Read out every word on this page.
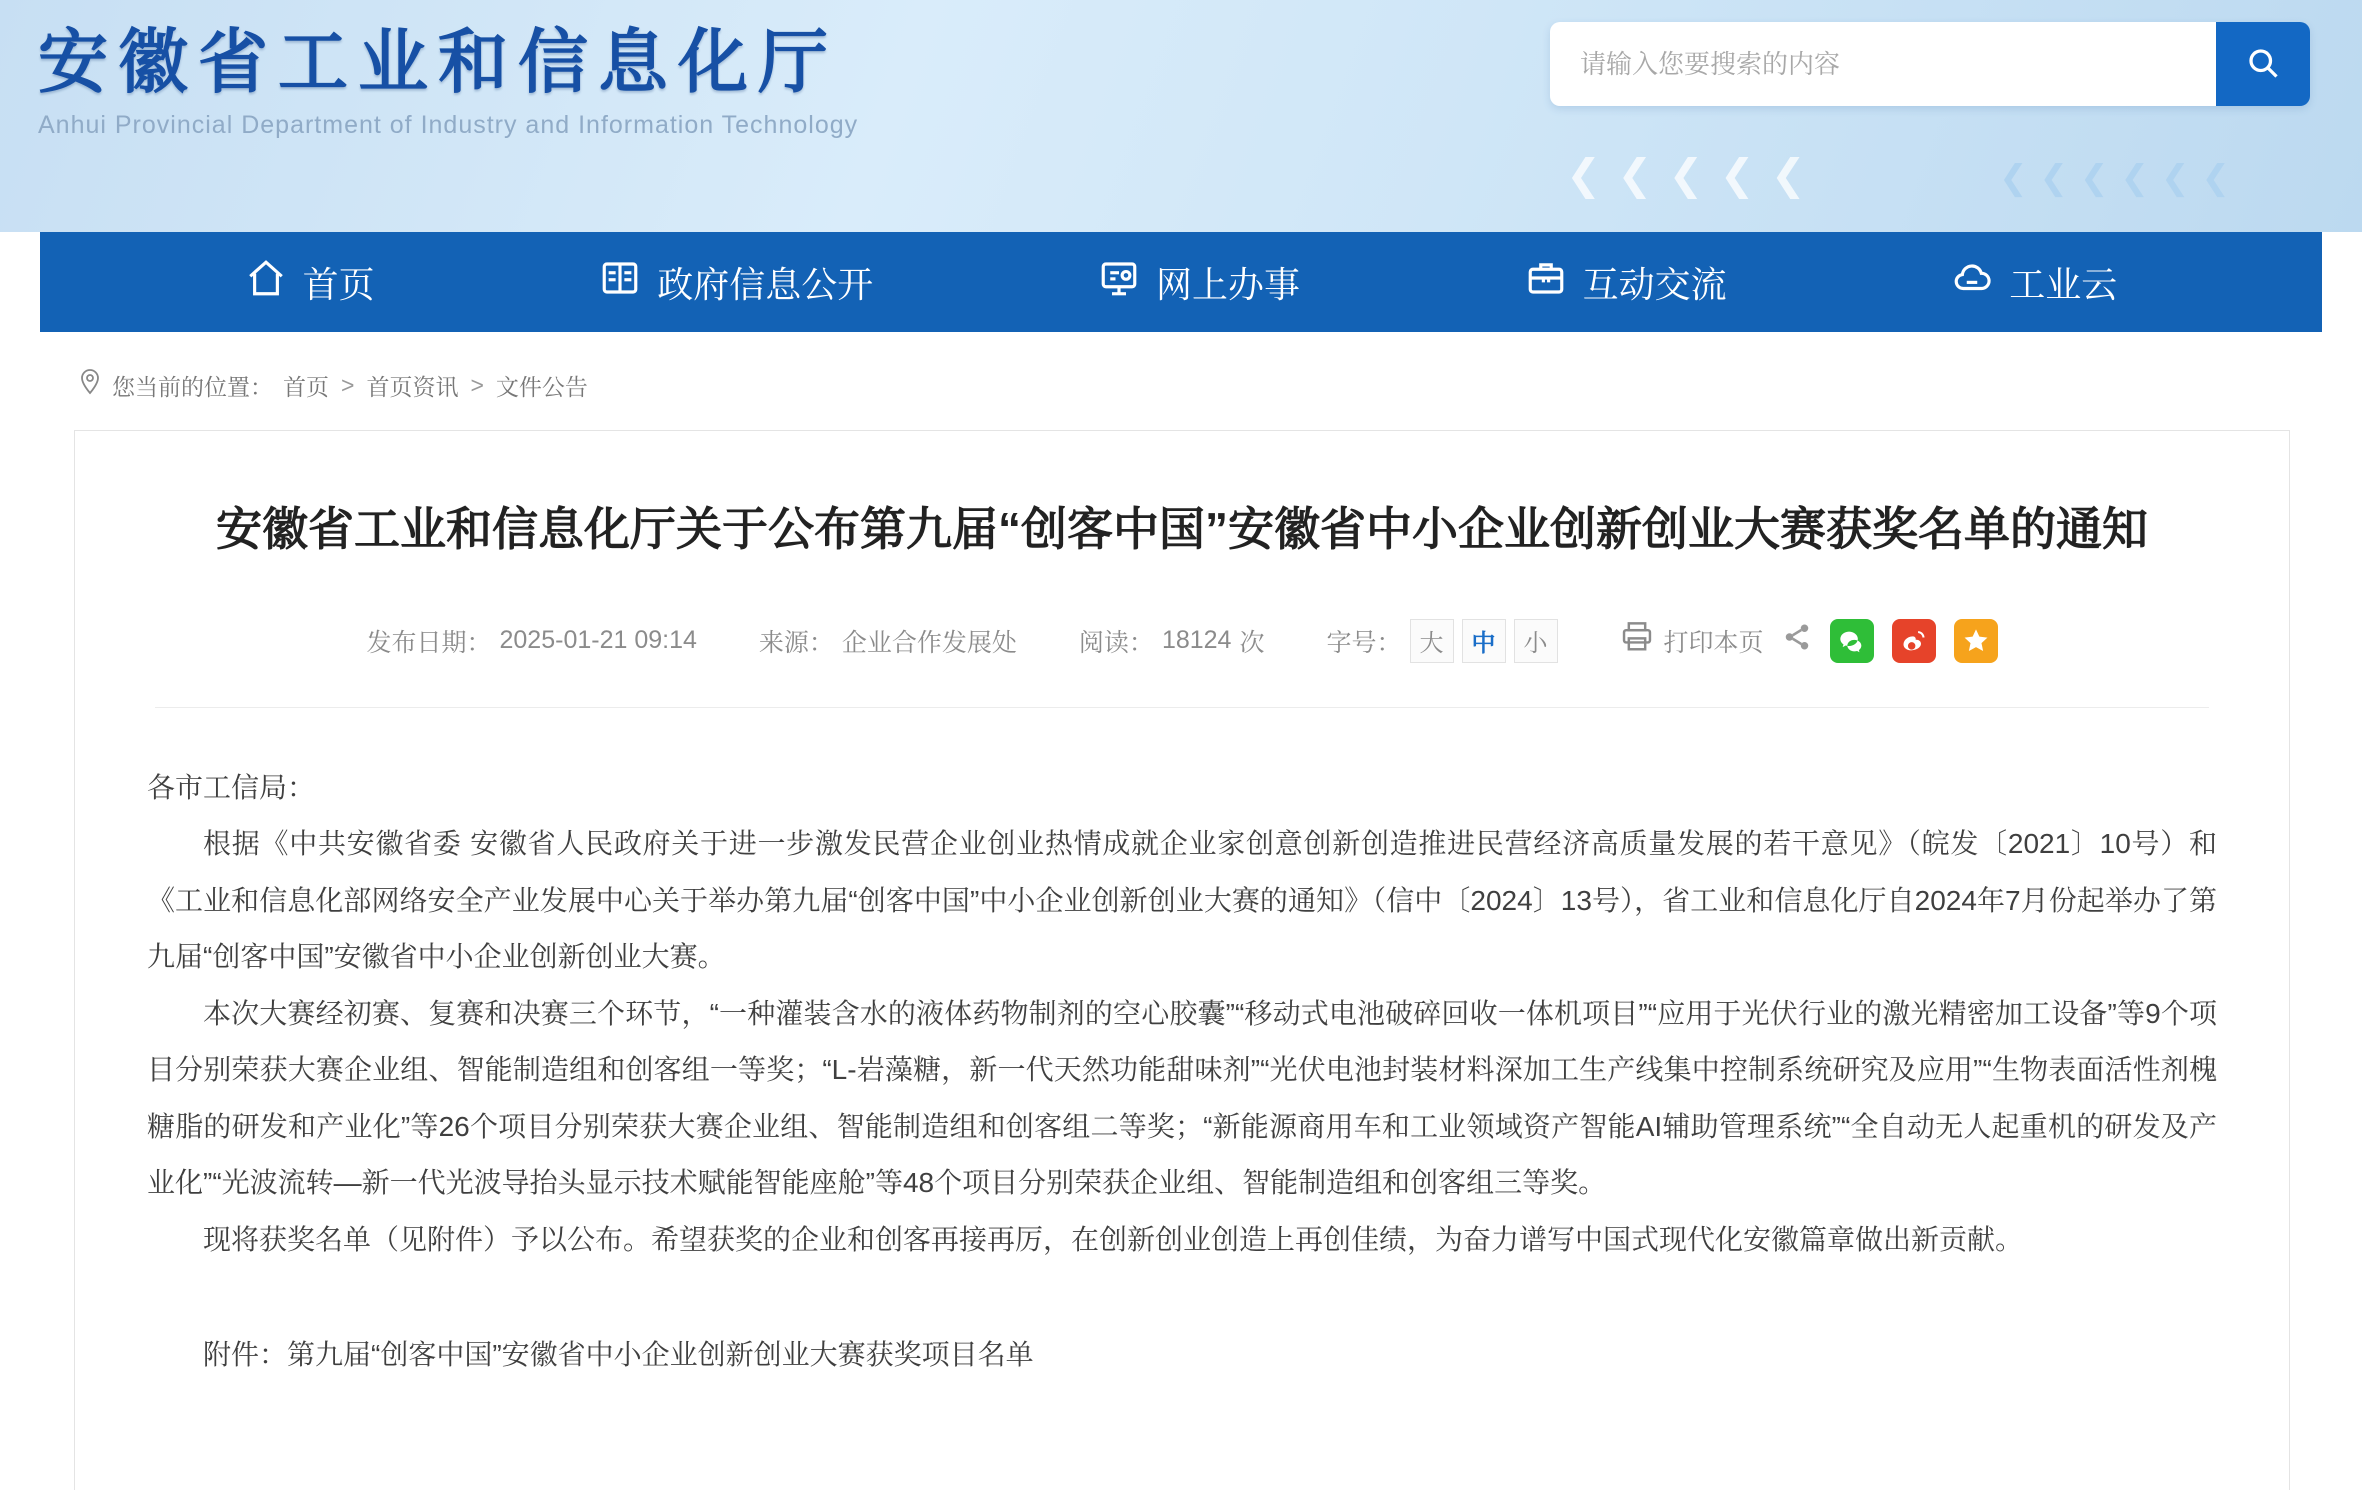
安徽省工业和信息化厅
Anhui Provincial Department of Industry and Information Technology
请输入您要搜索的内容
❮❮❮❮❮	❮❮❮❮❮❮
首页	政府信息公开	网上办事	互动交流	工业云
您当前的位置： 首页 > 首页资讯 > 文件公告
安徽省工业和信息化厅关于公布第九届“创客中国”安徽省中小企业创新创业大赛获奖名单的通知
发布日期： 2025-01-21 09:14 来源： 企业合作发展处 阅读： 18124 次 字号： 大	中	小	打印本页

各市工信局：

根据《中共安徽省委 安徽省人民政府关于进一步激发民营企业创业热情成就企业家创意创新创造推进民营经济高质量发展的若干意见》（皖发〔2021〕10号）和《工业和信息化部网络安全产业发展中心关于举办第九届“创客中国”中小企业创新创业大赛的通知》（信中〔2024〕13号），省工业和信息化厅自2024年7月份起举办了第九届“创客中国”安徽省中小企业创新创业大赛。

本次大赛经初赛、复赛和决赛三个环节，“一种灌装含水的液体药物制剂的空心胶囊”“移动式电池破碎回收一体机项目”“应用于光伏行业的激光精密加工设备”等9个项目分别荣获大赛企业组、智能制造组和创客组一等奖；“L-岩藻糖，新一代天然功能甜味剂”“光伏电池封装材料深加工生产线集中控制系统研究及应用”“生物表面活性剂槐糖脂的研发和产业化”等26个项目分别荣获大赛企业组、智能制造组和创客组二等奖；“新能源商用车和工业领域资产智能AI辅助管理系统”“全自动无人起重机的研发及产业化”“光波流转—新一代光波导抬头显示技术赋能智能座舱”等48个项目分别荣获企业组、智能制造组和创客组三等奖。

现将获奖名单（见附件）予以公布。希望获奖的企业和创客再接再厉，在创新创业创造上再创佳绩，为奋力谱写中国式现代化安徽篇章做出新贡献。

附件：第九届“创客中国”安徽省中小企业创新创业大赛获奖项目名单
